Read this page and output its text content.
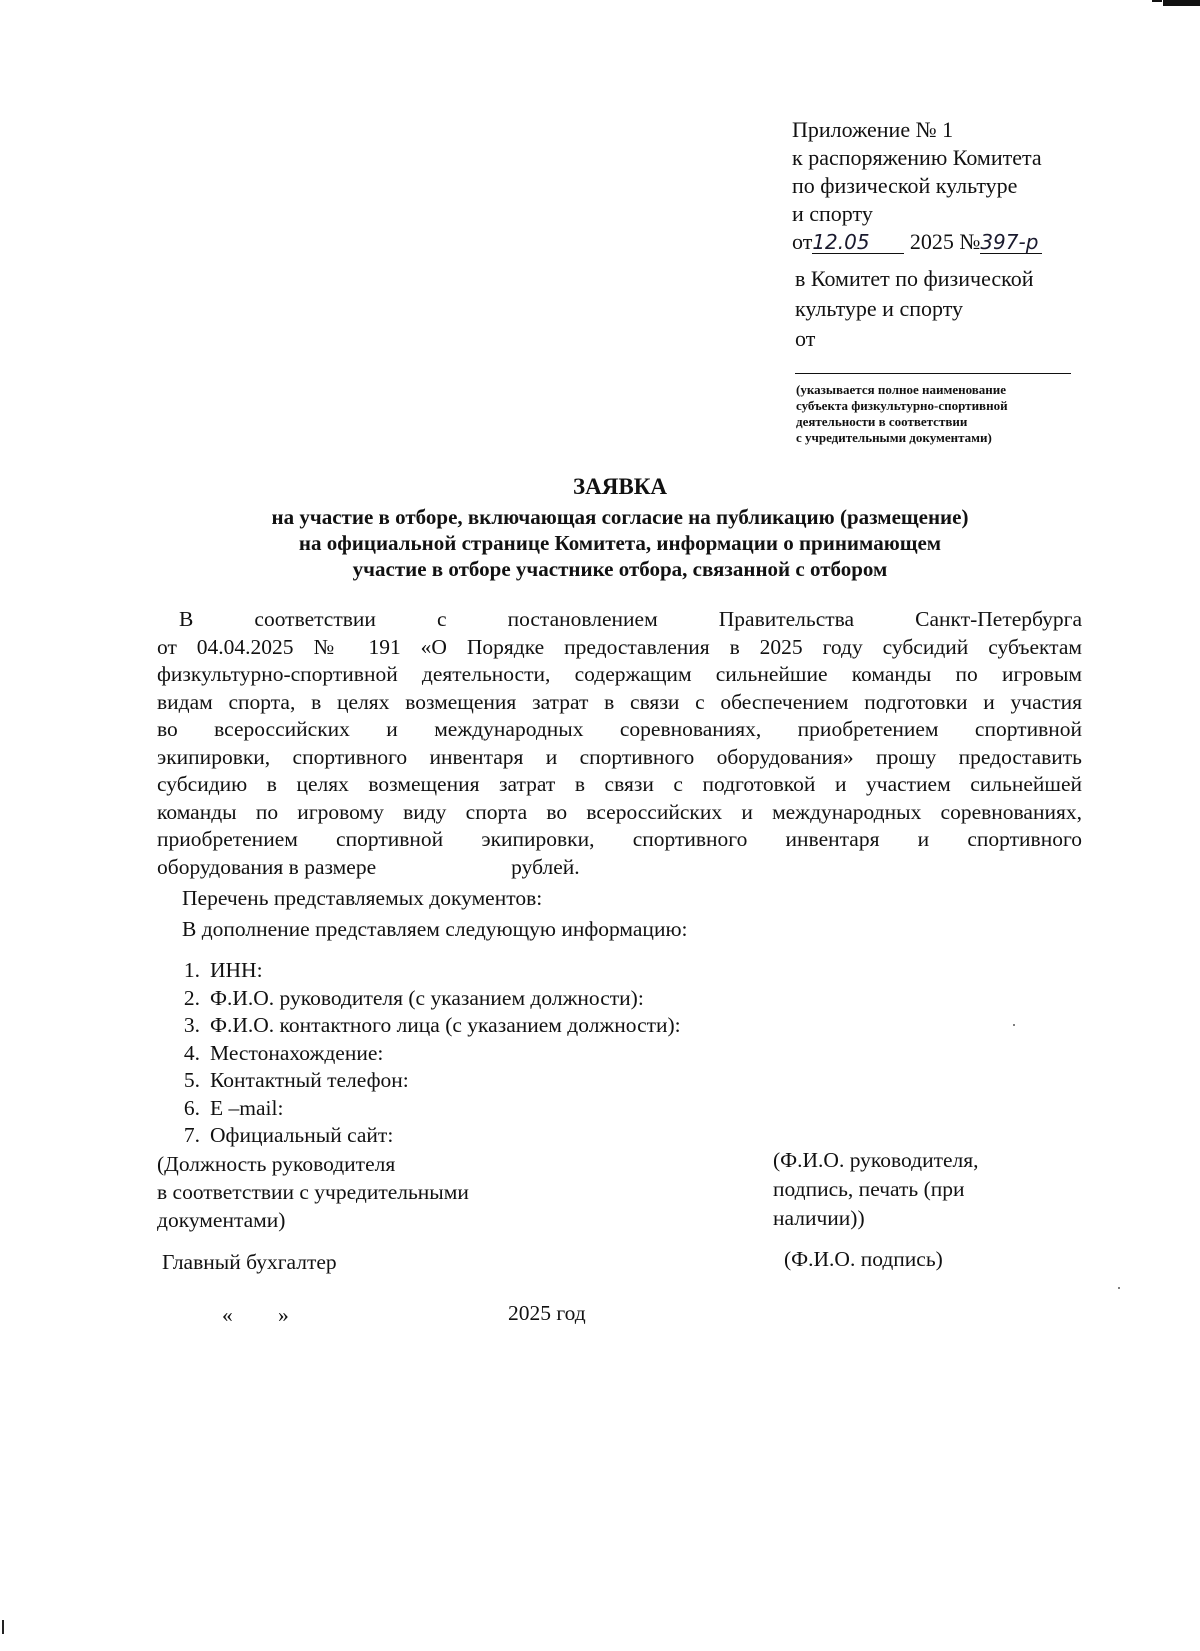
Приложение № 1
к распоряжению Комитета
по физической культуре
и спорту
от12.05 2025 №397-р
в Комитет по физической
культуре и спорту
от
(указывается полное наименование
субъекта физкультурно-спортивной
деятельности в соответствии
с учредительными документами)
ЗАЯВКА
на участие в отборе, включающая согласие на публикацию (размещение)
на официальной странице Комитета, информации о принимающем
участие в отборе участнике отбора, связанной с отбором
В соответствии с постановлением Правительства Санкт-Петербурга
от 04.04.2025 № 191 «О Порядке предоставления в 2025 году субсидий субъектам
физкультурно-спортивной деятельности, содержащим сильнейшие команды по игровым
видам спорта, в целях возмещения затрат в связи с обеспечением подготовки и участия
во всероссийских и международных соревнованиях, приобретением спортивной
экипировки, спортивного инвентаря и спортивного оборудования» прошу предоставить
субсидию в целях возмещения затрат в связи с подготовкой и участием сильнейшей
команды по игровому виду спорта во всероссийских и международных соревнованиях,
приобретением спортивной экипировки, спортивного инвентаря и спортивного
оборудования в размере	рублей.
Перечень представляемых документов:
В дополнение представляем следующую информацию:
1. ИНН:
2. Ф.И.О. руководителя (с указанием должности):
3. Ф.И.О. контактного лица (с указанием должности):
4. Местонахождение:
5. Контактный телефон:
6. E –mail:
7. Официальный сайт:
(Должность руководителя
в соответствии с учредительными
документами)
(Ф.И.О. руководителя,
подпись, печать (при
наличии))
Главный бухгалтер	(Ф.И.О. подпись)
« »	2025 год
